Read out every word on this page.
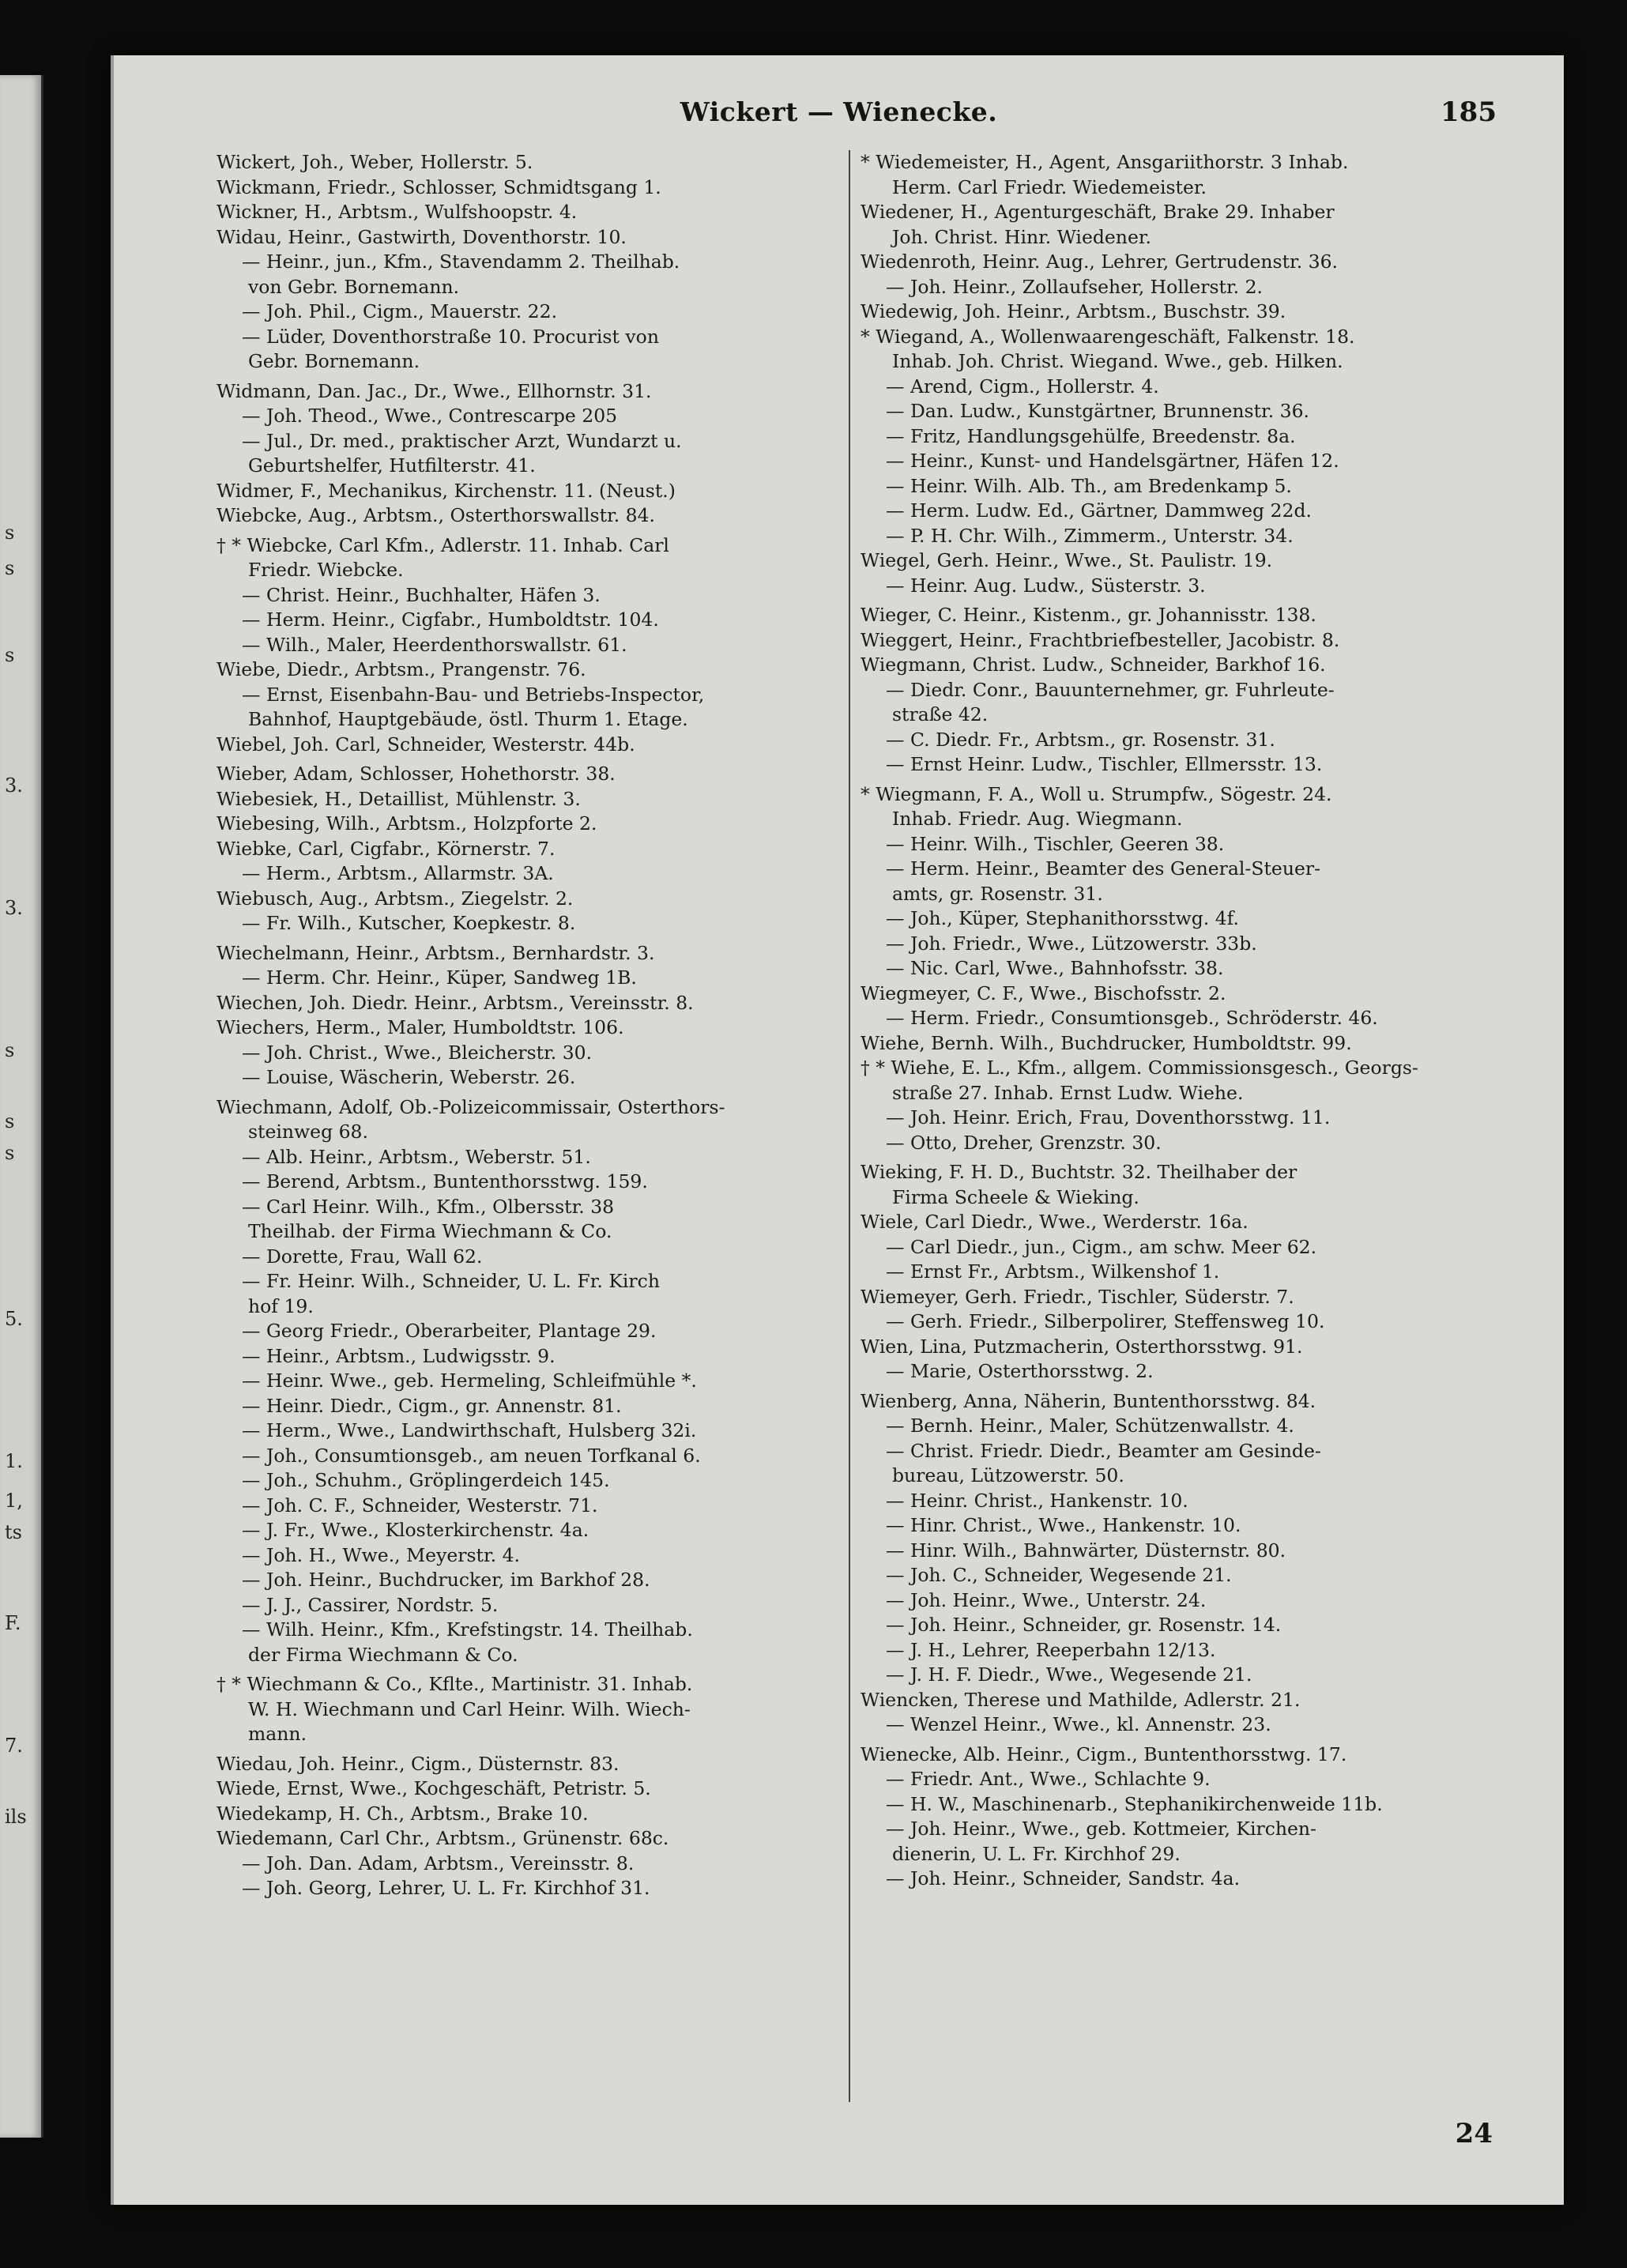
s
s
s
3.
3.
s
s
s
5.
1.
1,
ts
F.
7.
ils
Wickert — Wienecke.	185
Wickert, Joh., Weber, Hollerstr. 5.
Wickmann, Friedr., Schlosser, Schmidtsgang 1.
Wickner, H., Arbtsm., Wulfshoopstr. 4.
Widau, Heinr., Gastwirth, Doventhorstr. 10.
— Heinr., jun., Kfm., Stavendamm 2. Theilhab.
von Gebr. Bornemann.
— Joh. Phil., Cigm., Mauerstr. 22.
— Lüder, Doventhorstraße 10. Procurist von
Gebr. Bornemann.
Widmann, Dan. Jac., Dr., Wwe., Ellhornstr. 31.
— Joh. Theod., Wwe., Contrescarpe 205
— Jul., Dr. med., praktischer Arzt, Wundarzt u.
Geburtshelfer, Hutfilterstr. 41.
Widmer, F., Mechanikus, Kirchenstr. 11. (Neust.)
Wiebcke, Aug., Arbtsm., Osterthorswallstr. 84.
† * Wiebcke, Carl Kfm., Adlerstr. 11. Inhab. Carl
Friedr. Wiebcke.
— Christ. Heinr., Buchhalter, Häfen 3.
— Herm. Heinr., Cigfabr., Humboldtstr. 104.
— Wilh., Maler, Heerdenthorswallstr. 61.
Wiebe, Diedr., Arbtsm., Prangenstr. 76.
— Ernst, Eisenbahn-Bau- und Betriebs-Inspector,
Bahnhof, Hauptgebäude, östl. Thurm 1. Etage.
Wiebel, Joh. Carl, Schneider, Westerstr. 44b.
Wieber, Adam, Schlosser, Hohethorstr. 38.
Wiebesiek, H., Detaillist, Mühlenstr. 3.
Wiebesing, Wilh., Arbtsm., Holzpforte 2.
Wiebke, Carl, Cigfabr., Körnerstr. 7.
— Herm., Arbtsm., Allarmstr. 3A.
Wiebusch, Aug., Arbtsm., Ziegelstr. 2.
— Fr. Wilh., Kutscher, Koepkestr. 8.
Wiechelmann, Heinr., Arbtsm., Bernhardstr. 3.
— Herm. Chr. Heinr., Küper, Sandweg 1B.
Wiechen, Joh. Diedr. Heinr., Arbtsm., Vereinsstr. 8.
Wiechers, Herm., Maler, Humboldtstr. 106.
— Joh. Christ., Wwe., Bleicherstr. 30.
— Louise, Wäscherin, Weberstr. 26.
Wiechmann, Adolf, Ob.-Polizeicommissair, Osterthors-
steinweg 68.
— Alb. Heinr., Arbtsm., Weberstr. 51.
— Berend, Arbtsm., Buntenthorsstwg. 159.
— Carl Heinr. Wilh., Kfm., Olbersstr. 38
Theilhab. der Firma Wiechmann & Co.
— Dorette, Frau, Wall 62.
— Fr. Heinr. Wilh., Schneider, U. L. Fr. Kirch
hof 19.
— Georg Friedr., Oberarbeiter, Plantage 29.
— Heinr., Arbtsm., Ludwigsstr. 9.
— Heinr. Wwe., geb. Hermeling, Schleifmühle *.
— Heinr. Diedr., Cigm., gr. Annenstr. 81.
— Herm., Wwe., Landwirthschaft, Hulsberg 32i.
— Joh., Consumtionsgeb., am neuen Torfkanal 6.
— Joh., Schuhm., Gröplingerdeich 145.
— Joh. C. F., Schneider, Westerstr. 71.
— J. Fr., Wwe., Klosterkirchenstr. 4a.
— Joh. H., Wwe., Meyerstr. 4.
— Joh. Heinr., Buchdrucker, im Barkhof 28.
— J. J., Cassirer, Nordstr. 5.
— Wilh. Heinr., Kfm., Krefstingstr. 14. Theilhab.
der Firma Wiechmann & Co.
† * Wiechmann & Co., Kflte., Martinistr. 31. Inhab.
W. H. Wiechmann und Carl Heinr. Wilh. Wiech-
mann.
Wiedau, Joh. Heinr., Cigm., Düsternstr. 83.
Wiede, Ernst, Wwe., Kochgeschäft, Petristr. 5.
Wiedekamp, H. Ch., Arbtsm., Brake 10.
Wiedemann, Carl Chr., Arbtsm., Grünenstr. 68c.
— Joh. Dan. Adam, Arbtsm., Vereinsstr. 8.
— Joh. Georg, Lehrer, U. L. Fr. Kirchhof 31.
* Wiedemeister, H., Agent, Ansgariithorstr. 3 Inhab.
Herm. Carl Friedr. Wiedemeister.
Wiedener, H., Agenturgeschäft, Brake 29. Inhaber
Joh. Christ. Hinr. Wiedener.
Wiedenroth, Heinr. Aug., Lehrer, Gertrudenstr. 36.
— Joh. Heinr., Zollaufseher, Hollerstr. 2.
Wiedewig, Joh. Heinr., Arbtsm., Buschstr. 39.
* Wiegand, A., Wollenwaarengeschäft, Falkenstr. 18.
Inhab. Joh. Christ. Wiegand. Wwe., geb. Hilken.
— Arend, Cigm., Hollerstr. 4.
— Dan. Ludw., Kunstgärtner, Brunnenstr. 36.
— Fritz, Handlungsgehülfe, Breedenstr. 8a.
— Heinr., Kunst- und Handelsgärtner, Häfen 12.
— Heinr. Wilh. Alb. Th., am Bredenkamp 5.
— Herm. Ludw. Ed., Gärtner, Dammweg 22d.
— P. H. Chr. Wilh., Zimmerm., Unterstr. 34.
Wiegel, Gerh. Heinr., Wwe., St. Paulistr. 19.
— Heinr. Aug. Ludw., Süsterstr. 3.
Wieger, C. Heinr., Kistenm., gr. Johannisstr. 138.
Wieggert, Heinr., Frachtbriefbesteller, Jacobistr. 8.
Wiegmann, Christ. Ludw., Schneider, Barkhof 16.
— Diedr. Conr., Bauunternehmer, gr. Fuhrleute-
straße 42.
— C. Diedr. Fr., Arbtsm., gr. Rosenstr. 31.
— Ernst Heinr. Ludw., Tischler, Ellmersstr. 13.
* Wiegmann, F. A., Woll u. Strumpfw., Sögestr. 24.
Inhab. Friedr. Aug. Wiegmann.
— Heinr. Wilh., Tischler, Geeren 38.
— Herm. Heinr., Beamter des General-Steuer-
amts, gr. Rosenstr. 31.
— Joh., Küper, Stephanithorsstwg. 4f.
— Joh. Friedr., Wwe., Lützowerstr. 33b.
— Nic. Carl, Wwe., Bahnhofsstr. 38.
Wiegmeyer, C. F., Wwe., Bischofsstr. 2.
— Herm. Friedr., Consumtionsgeb., Schröderstr. 46.
Wiehe, Bernh. Wilh., Buchdrucker, Humboldtstr. 99.
† * Wiehe, E. L., Kfm., allgem. Commissionsgesch., Georgs-
straße 27. Inhab. Ernst Ludw. Wiehe.
— Joh. Heinr. Erich, Frau, Doventhorsstwg. 11.
— Otto, Dreher, Grenzstr. 30.
Wieking, F. H. D., Buchtstr. 32. Theilhaber der
Firma Scheele & Wieking.
Wiele, Carl Diedr., Wwe., Werderstr. 16a.
— Carl Diedr., jun., Cigm., am schw. Meer 62.
— Ernst Fr., Arbtsm., Wilkenshof 1.
Wiemeyer, Gerh. Friedr., Tischler, Süderstr. 7.
— Gerh. Friedr., Silberpolirer, Steffensweg 10.
Wien, Lina, Putzmacherin, Osterthorsstwg. 91.
— Marie, Osterthorsstwg. 2.
Wienberg, Anna, Näherin, Buntenthorsstwg. 84.
— Bernh. Heinr., Maler, Schützenwallstr. 4.
— Christ. Friedr. Diedr., Beamter am Gesinde-
bureau, Lützowerstr. 50.
— Heinr. Christ., Hankenstr. 10.
— Hinr. Christ., Wwe., Hankenstr. 10.
— Hinr. Wilh., Bahnwärter, Düsternstr. 80.
— Joh. C., Schneider, Wegesende 21.
— Joh. Heinr., Wwe., Unterstr. 24.
— Joh. Heinr., Schneider, gr. Rosenstr. 14.
— J. H., Lehrer, Reeperbahn 12/13.
— J. H. F. Diedr., Wwe., Wegesende 21.
Wiencken, Therese und Mathilde, Adlerstr. 21.
— Wenzel Heinr., Wwe., kl. Annenstr. 23.
Wienecke, Alb. Heinr., Cigm., Buntenthorsstwg. 17.
— Friedr. Ant., Wwe., Schlachte 9.
— H. W., Maschinenarb., Stephanikirchenweide 11b.
— Joh. Heinr., Wwe., geb. Kottmeier, Kirchen-
dienerin, U. L. Fr. Kirchhof 29.
— Joh. Heinr., Schneider, Sandstr. 4a.
24
